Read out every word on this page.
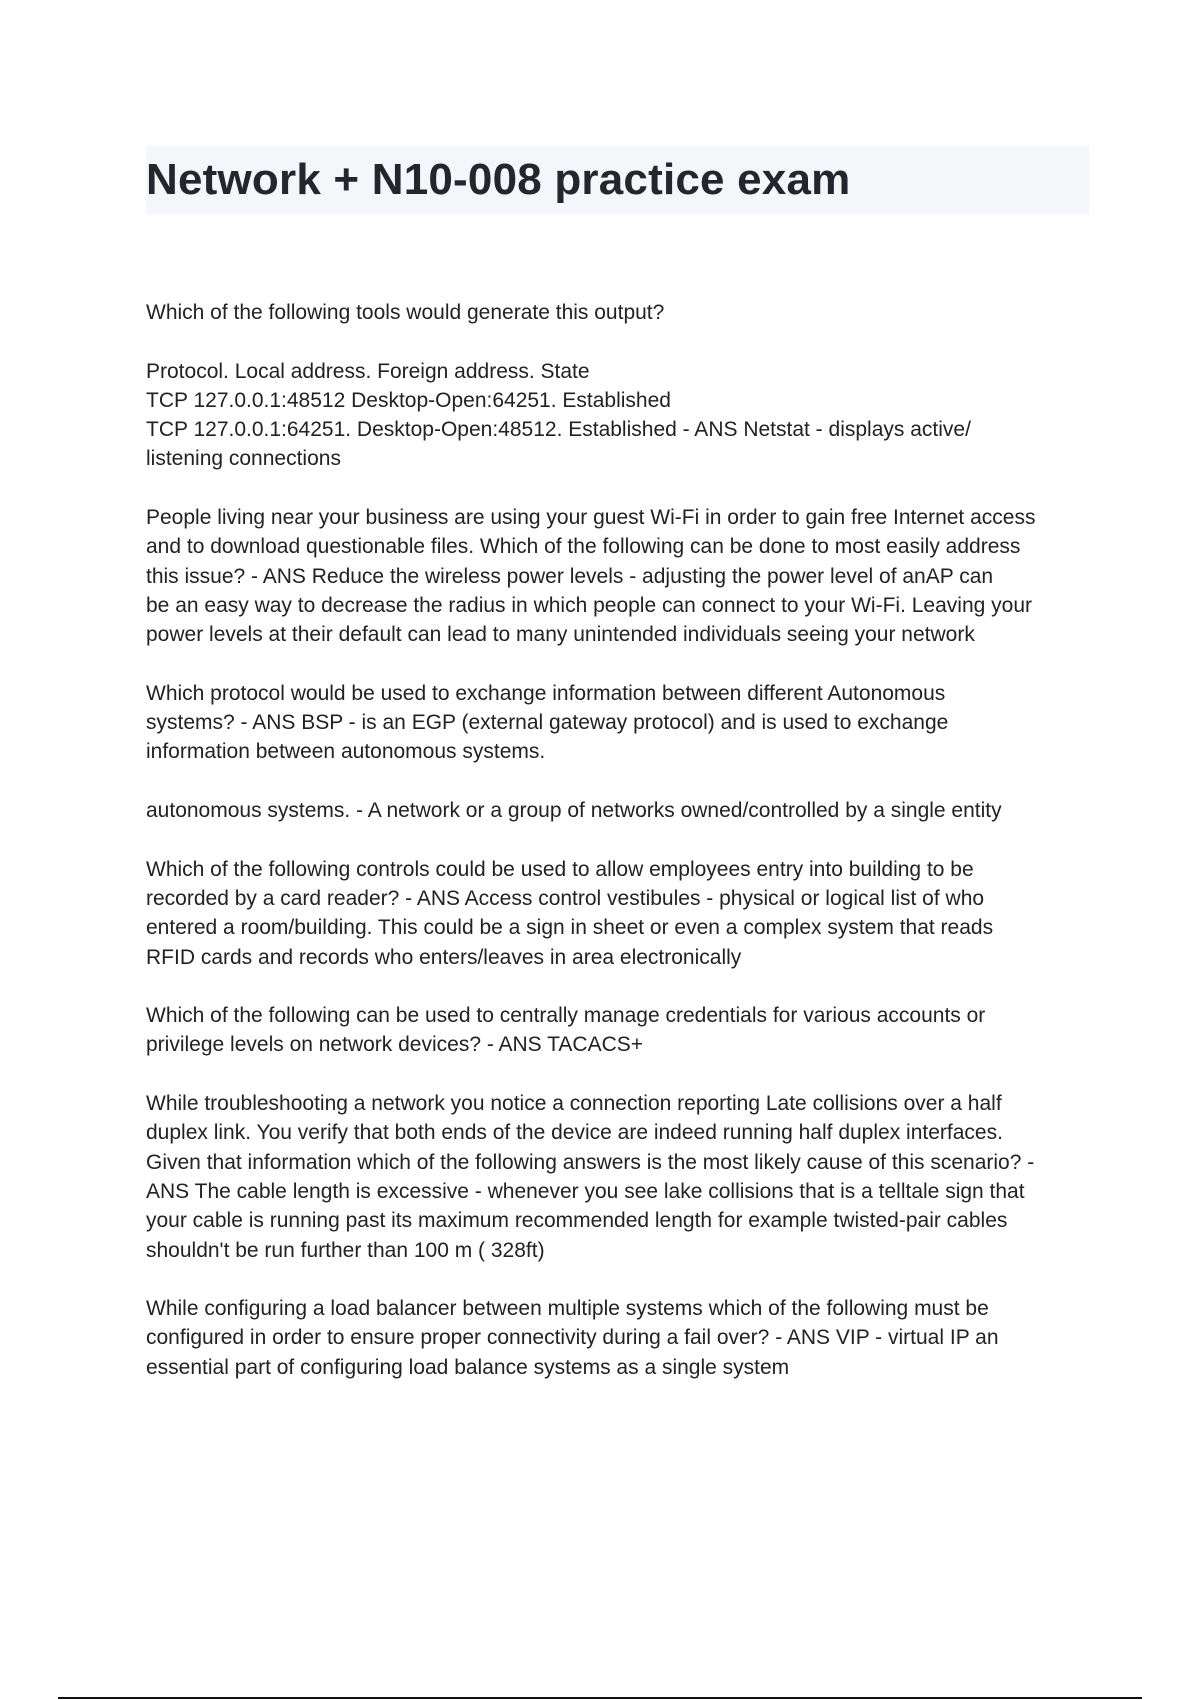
Network + N10-008 practice exam

Which of the following tools would generate this output?

Protocol. Local address. Foreign address. State
TCP 127.0.0.1:48512 Desktop-Open:64251. Established
TCP 127.0.0.1:64251. Desktop-Open:48512. Established - ANS Netstat - displays active/
listening connections

People living near your business are using your guest Wi-Fi in order to gain free Internet access
and to download questionable files. Which of the following can be done to most easily address
this issue? - ANS Reduce the wireless power levels - adjusting the power level of anAP can
be an easy way to decrease the radius in which people can connect to your Wi-Fi. Leaving your
power levels at their default can lead to many unintended individuals seeing your network

Which protocol would be used to exchange information between different Autonomous
systems? - ANS BSP - is an EGP (external gateway protocol) and is used to exchange
information between autonomous systems.

autonomous systems. - A network or a group of networks owned/controlled by a single entity

Which of the following controls could be used to allow employees entry into building to be
recorded by a card reader? - ANS Access control vestibules - physical or logical list of who
entered a room/building. This could be a sign in sheet or even a complex system that reads
RFID cards and records who enters/leaves in area electronically

Which of the following can be used to centrally manage credentials for various accounts or
privilege levels on network devices? - ANS TACACS+

While troubleshooting a network you notice a connection reporting Late collisions over a half
duplex link. You verify that both ends of the device are indeed running half duplex interfaces.
Given that information which of the following answers is the most likely cause of this scenario? -
ANS The cable length is excessive - whenever you see lake collisions that is a telltale sign that
your cable is running past its maximum recommended length for example twisted-pair cables
shouldn't be run further than 100 m ( 328ft)

While configuring a load balancer between multiple systems which of the following must be
configured in order to ensure proper connectivity during a fail over? - ANS VIP - virtual IP an
essential part of configuring load balance systems as a single system
